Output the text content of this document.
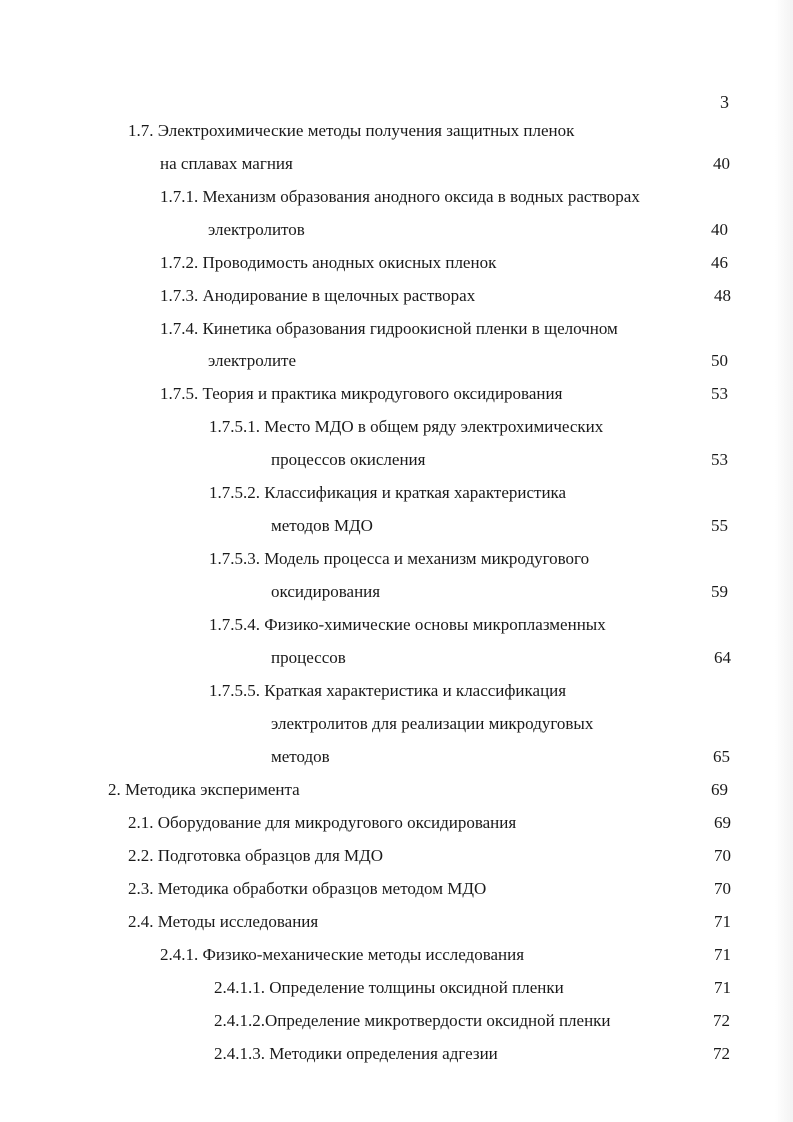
3
1.7. Электрохимические методы получения защитных пленок
на сплавах магния	40
1.7.1. Механизм образования анодного оксида в водных растворах
электролитов	40
1.7.2. Проводимость анодных окисных пленок	46
1.7.3. Анодирование в щелочных растворах	48
1.7.4. Кинетика образования гидроокисной пленки в щелочном
электролите	50
1.7.5. Теория и практика микродугового оксидирования	53
1.7.5.1. Место МДО в общем ряду электрохимических
процессов окисления	53
1.7.5.2. Классификация и краткая характеристика
методов МДО	55
1.7.5.3. Модель процесса и механизм микродугового
оксидирования	59
1.7.5.4. Физико-химические основы микроплазменных
процессов	64
1.7.5.5. Краткая характеристика и классификация
электролитов для реализации микродуговых
методов	65
2. Методика эксперимента	69
2.1. Оборудование для микродугового оксидирования	69
2.2. Подготовка образцов для МДО	70
2.3. Методика обработки образцов методом МДО	70
2.4. Методы исследования	71
2.4.1. Физико-механические методы исследования	71
2.4.1.1. Определение толщины оксидной пленки	71
2.4.1.2.Определение микротвердости оксидной пленки	72
2.4.1.3. Методики определения адгезии	72
